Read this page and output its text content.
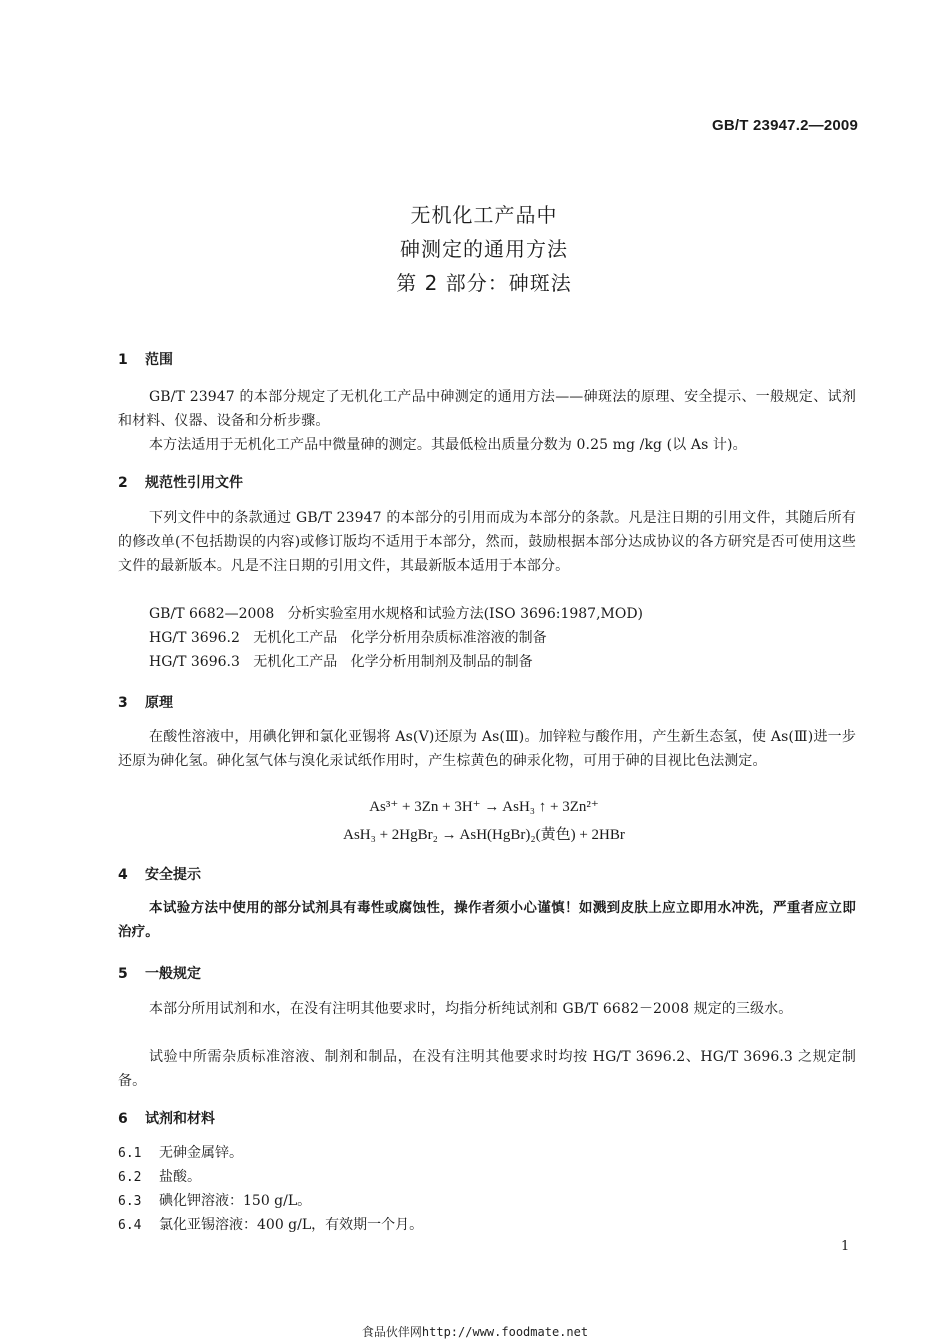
GB/T 23947.2—2009
无机化工产品中
砷测定的通用方法
第 2 部分：砷斑法
1 范围
GB/T 23947 的本部分规定了无机化工产品中砷测定的通用方法——砷斑法的原理、安全提示、一般规定、试剂和材料、仪器、设备和分析步骤。
本方法适用于无机化工产品中微量砷的测定。其最低检出质量分数为 0.25 mg /kg (以 As 计)。
2 规范性引用文件
下列文件中的条款通过 GB/T 23947 的本部分的引用而成为本部分的条款。凡是注日期的引用文件，其随后所有的修改单(不包括勘误的内容)或修订版均不适用于本部分，然而，鼓励根据本部分达成协议的各方研究是否可使用这些文件的最新版本。凡是不注日期的引用文件，其最新版本适用于本部分。
GB/T 6682—2008   分析实验室用水规格和试验方法(ISO 3696:1987,MOD)
HG/T 3696.2   无机化工产品   化学分析用杂质标准溶液的制备
HG/T 3696.3   无机化工产品   化学分析用制剂及制品的制备
3 原理
在酸性溶液中，用碘化钾和氯化亚锡将 As(Ⅴ)还原为 As(Ⅲ)。加锌粒与酸作用，产生新生态氢，使 As(Ⅲ)进一步还原为砷化氢。砷化氢气体与溴化汞试纸作用时，产生棕黄色的砷汞化物，可用于砷的目视比色法测定。
As³⁺ + 3Zn + 3H⁺ → AsH₃ ↑ + 3Zn²⁺
AsH₃ + 2HgBr₂ → AsH(HgBr)₂(黄色) + 2HBr
4 安全提示
本试验方法中使用的部分试剂具有毒性或腐蚀性，操作者须小心谨慎！如溅到皮肤上应立即用水冲洗，严重者应立即治疗。
5 一般规定
本部分所用试剂和水，在没有注明其他要求时，均指分析纯试剂和 GB/T 6682－2008 规定的三级水。
试验中所需杂质标准溶液、制剂和制品，在没有注明其他要求时均按 HG/T 3696.2、HG/T 3696.3 之规定制备。
6 试剂和材料
6.1 无砷金属锌。
6.2 盐酸。
6.3 碘化钾溶液：150 g/L。
6.4 氯化亚锡溶液：400 g/L，有效期一个月。
1
食品伙伴网http://www.foodmate.net
